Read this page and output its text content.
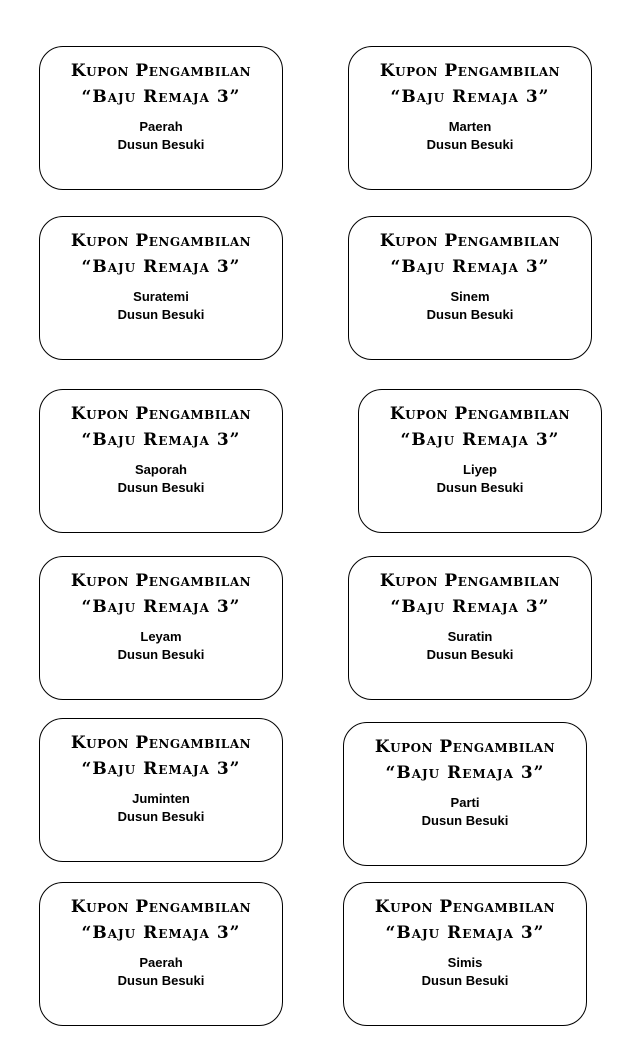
Kupon Pengambilan
“Baju Remaja 3”
Paerah
Dusun Besuki
Kupon Pengambilan
“Baju Remaja 3”
Marten
Dusun Besuki
Kupon Pengambilan
“Baju Remaja 3”
Suratemi
Dusun Besuki
Kupon Pengambilan
“Baju Remaja 3”
Sinem
Dusun Besuki
Kupon Pengambilan
“Baju Remaja 3”
Saporah
Dusun Besuki
Kupon Pengambilan
“Baju Remaja 3”
Liyep
Dusun Besuki
Kupon Pengambilan
“Baju Remaja 3”
Leyam
Dusun Besuki
Kupon Pengambilan
“Baju Remaja 3”
Suratin
Dusun Besuki
Kupon Pengambilan
“Baju Remaja 3”
Juminten
Dusun Besuki
Kupon Pengambilan
“Baju Remaja 3”
Parti
Dusun Besuki
Kupon Pengambilan
“Baju Remaja 3”
Paerah
Dusun Besuki
Kupon Pengambilan
“Baju Remaja 3”
Simis
Dusun Besuki
